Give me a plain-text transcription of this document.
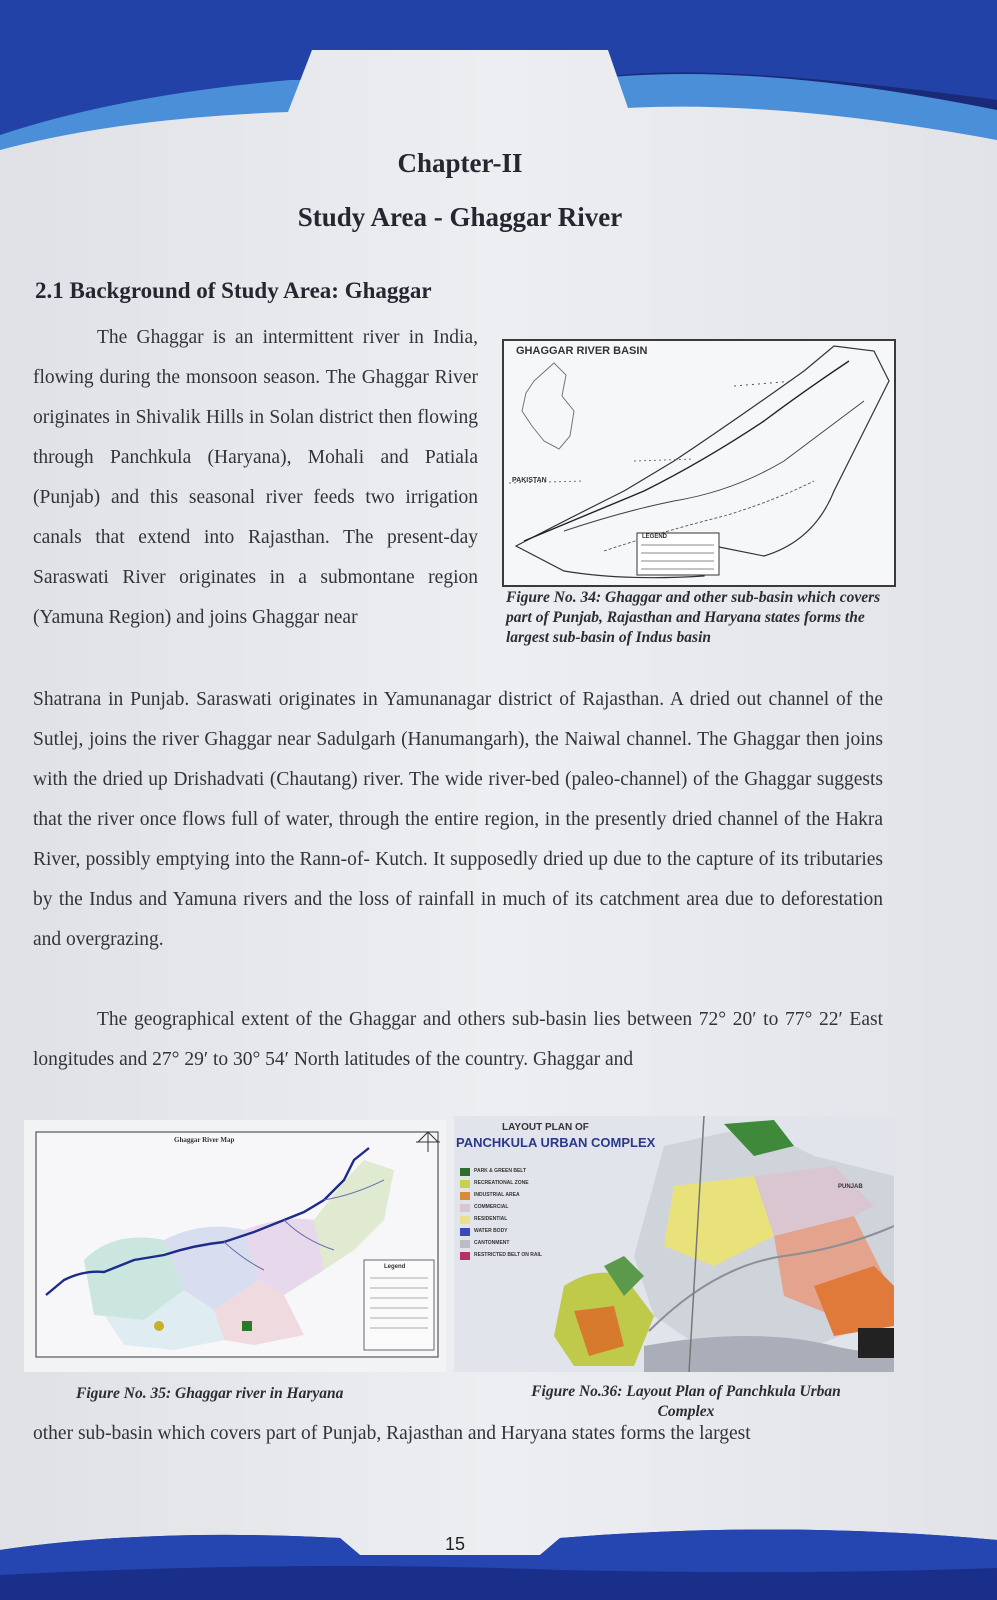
Chapter-II
Study Area - Ghaggar River
2.1 Background of Study Area: Ghaggar

The Ghaggar is an intermittent river in India, flowing during the monsoon season. The Ghaggar River originates in Shivalik Hills in Solan district then flowing through Panchkula (Haryana), Mohali and Patiala (Punjab) and this seasonal river feeds two irrigation canals that extend into Rajasthan. The present-day Saraswati River originates in a submontane region (Yamuna Region) and joins Ghaggar near

GHAGGAR RIVER BASIN
PAKISTAN
LEGEND
Figure No. 34: Ghaggar and other sub-basin which covers part of Punjab, Rajasthan and Haryana states forms the largest sub-basin of Indus basin

Shatrana in Punjab. Saraswati originates in Yamunanagar district of Rajasthan. A dried out channel of the Sutlej, joins the river Ghaggar near Sadulgarh (Hanumangarh), the Naiwal channel. The Ghaggar then joins with the dried up Drishadvati (Chautang) river. The wide river-bed (paleo-channel) of the Ghaggar suggests that the river once flows full of water, through the entire region, in the presently dried channel of the Hakra River, possibly emptying into the Rann-of- Kutch. It supposedly dried up due to the capture of its tributaries by the Indus and Yamuna rivers and the loss of rainfall in much of its catchment area due to deforestation and overgrazing.

The geographical extent of the Ghaggar and others sub-basin lies between 72° 20′ to 77° 22′ East longitudes and 27° 29′ to 30° 54′ North latitudes of the country. Ghaggar and

Ghaggar River Map
Legend
Figure No. 35: Ghaggar river in Haryana
LAYOUT PLAN OF
PANCHKULA URBAN COMPLEX
PARK & GREEN BELT
RECREATIONAL ZONE
INDUSTRIAL AREA
COMMERCIAL
RESIDENTIAL
WATER BODY
CANTONMENT
RESTRICTED BELT ON RAIL
PUNJAB
Figure No.36: Layout Plan of Panchkula Urban
Complex

other sub-basin which covers part of Punjab, Rajasthan and Haryana states forms the largest

15
